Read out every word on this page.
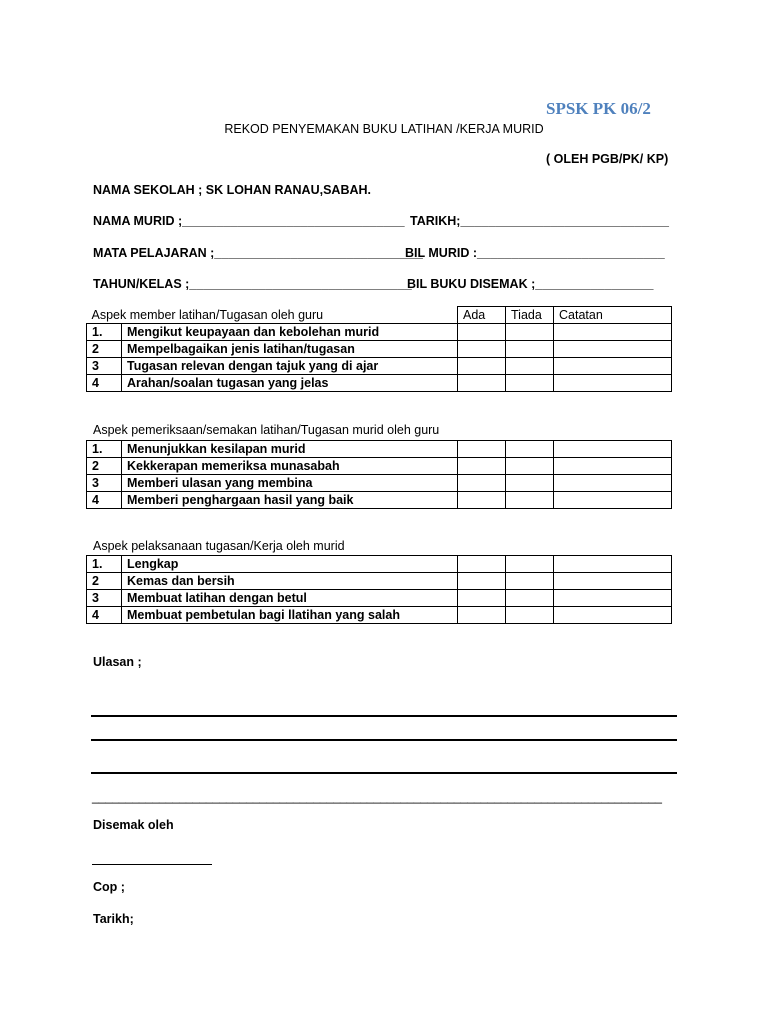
SPSK PK 06/2
REKOD PENYEMAKAN BUKU LATIHAN /KERJA MURID
( OLEH PGB/PK/ KP)
NAMA SEKOLAH ; SK LOHAN RANAU,SABAH.
NAMA MURID ;________________________________ TARIKH;______________________________
MATA PELAJARAN ;______________________________
BIL MURID :___________________________
TAHUN/KELAS ;________________________________
BIL BUKU DISEMAK ;_________________
Aspek member latihan/Tugasan oleh guru		Ada	Tiada	Catatan
1.	Mengikut keupayaan dan kebolehan murid			
2	Mempelbagaikan jenis latihan/tugasan			
3	Tugasan relevan dengan tajuk yang di ajar			
4	Arahan/soalan tugasan yang jelas			
Aspek pemeriksaan/semakan latihan/Tugasan murid oleh guru
1.	Menunjukkan kesilapan murid			
2	Kekkerapan memeriksa munasabah			
3	Memberi ulasan yang membina			
4	Memberi penghargaan hasil yang baik			
Aspek pelaksanaan tugasan/Kerja oleh murid
1.	Lengkap			
2	Kemas dan bersih			
3	Membuat latihan dengan betul			
4	Membuat pembetulan bagi llatihan yang salah			
Ulasan ;
_____________________________________________________________________________________
Disemak oleh
Cop ;
Tarikh;
